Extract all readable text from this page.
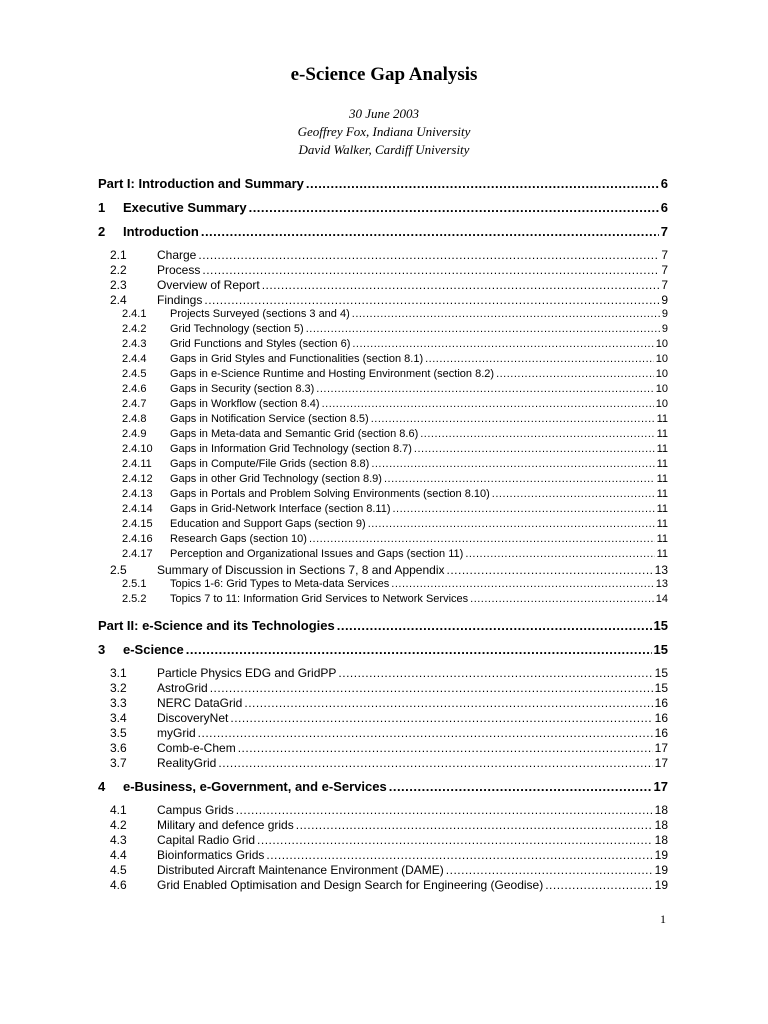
e-Science Gap Analysis
30 June 2003
Geoffrey Fox, Indiana University
David Walker, Cardiff University
Part I: Introduction and Summary .....	6
1	Executive Summary .....	6
2	Introduction .....	7
2.1	Charge .....	7
2.2	Process .....	7
2.3	Overview of Report .....	7
2.4	Findings .....	9
2.4.1	Projects Surveyed (sections 3 and 4) .....	9
2.4.2	Grid Technology (section 5) .....	9
2.4.3	Grid Functions and Styles (section 6) .....	10
2.4.4	Gaps in Grid Styles and Functionalities (section 8.1) .....	10
2.4.5	Gaps in e-Science Runtime and Hosting Environment (section 8.2) .....	10
2.4.6	Gaps in Security (section 8.3) .....	10
2.4.7	Gaps in Workflow (section 8.4) .....	10
2.4.8	Gaps in Notification Service (section 8.5) .....	11
2.4.9	Gaps in Meta-data and Semantic Grid (section 8.6) .....	11
2.4.10	Gaps in Information Grid Technology (section 8.7) .....	11
2.4.11	Gaps in Compute/File Grids (section 8.8) .....	11
2.4.12	Gaps in other Grid Technology (section 8.9) .....	11
2.4.13	Gaps in Portals and Problem Solving Environments (section 8.10) .....	11
2.4.14	Gaps in Grid-Network Interface (section 8.11) .....	11
2.4.15	Education and Support Gaps (section 9) .....	11
2.4.16	Research Gaps (section 10) .....	11
2.4.17	Perception and Organizational Issues and Gaps (section 11) .....	11
2.5	Summary of Discussion in Sections 7, 8 and Appendix .....	13
2.5.1	Topics 1-6: Grid Types to Meta-data Services .....	13
2.5.2	Topics 7 to 11: Information Grid Services to Network Services .....	14
Part II: e-Science and its Technologies .....	15
3	e-Science .....	15
3.1	Particle Physics EDG and GridPP .....	15
3.2	AstroGrid .....	15
3.3	NERC DataGrid .....	16
3.4	DiscoveryNet .....	16
3.5	myGrid .....	16
3.6	Comb-e-Chem .....	17
3.7	RealityGrid .....	17
4	e-Business, e-Government, and e-Services .....	17
4.1	Campus Grids .....	18
4.2	Military and defence grids .....	18
4.3	Capital Radio Grid .....	18
4.4	Bioinformatics Grids .....	19
4.5	Distributed Aircraft Maintenance Environment (DAME) .....	19
4.6	Grid Enabled Optimisation and Design Search for Engineering (Geodise) .....	19
1
